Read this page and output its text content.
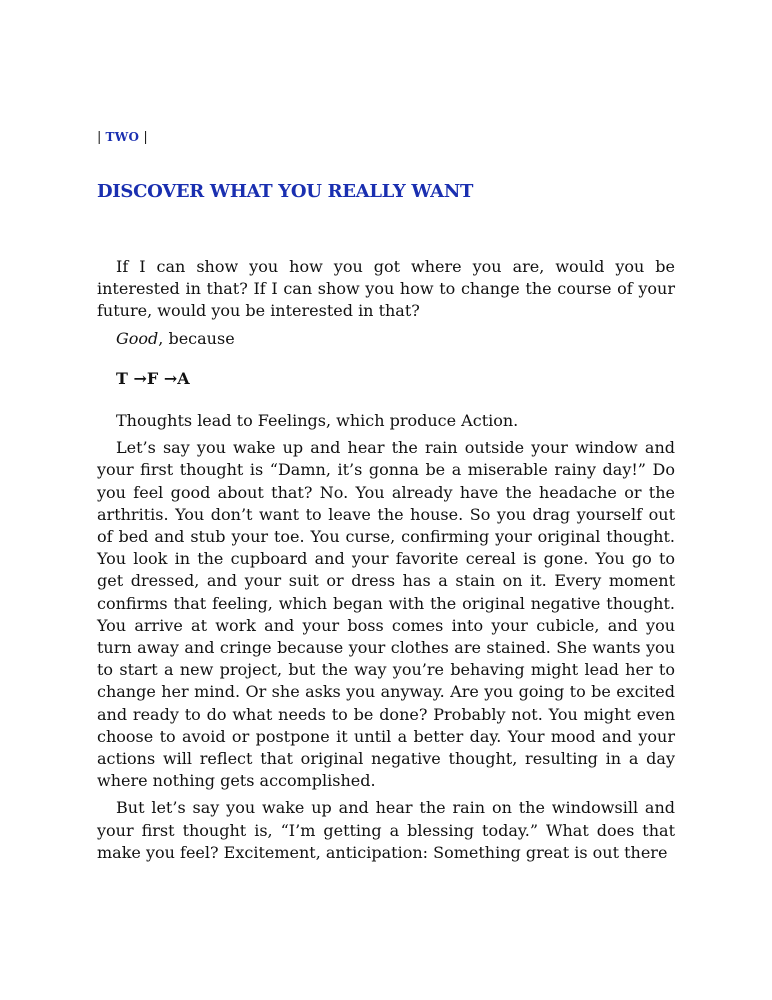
| TWO |

DISCOVER WHAT YOU REALLY WANT

If I can show you how you got where you are, would you be interested in that? If I can show you how to change the course of your future, would you be interested in that?

Good, because

T →F →A

Thoughts lead to Feelings, which produce Action.

Let’s say you wake up and hear the rain outside your window and your first thought is “Damn, it’s gonna be a miserable rainy day!” Do you feel good about that? No. You already have the headache or the arthritis. You don’t want to leave the house. So you drag yourself out of bed and stub your toe. You curse, confirming your original thought. You look in the cupboard and your favorite cereal is gone. You go to get dressed, and your suit or dress has a stain on it. Every moment confirms that feeling, which began with the original negative thought. You arrive at work and your boss comes into your cubicle, and you turn away and cringe because your clothes are stained. She wants you to start a new project, but the way you’re behaving might lead her to change her mind. Or she asks you anyway. Are you going to be excited and ready to do what needs to be done? Probably not. You might even choose to avoid or postpone it until a better day. Your mood and your actions will reflect that original negative thought, resulting in a day where nothing gets accomplished.

But let’s say you wake up and hear the rain on the windowsill and your first thought is, “I’m getting a blessing today.” What does that make you feel? Excitement, anticipation: Something great is out there
